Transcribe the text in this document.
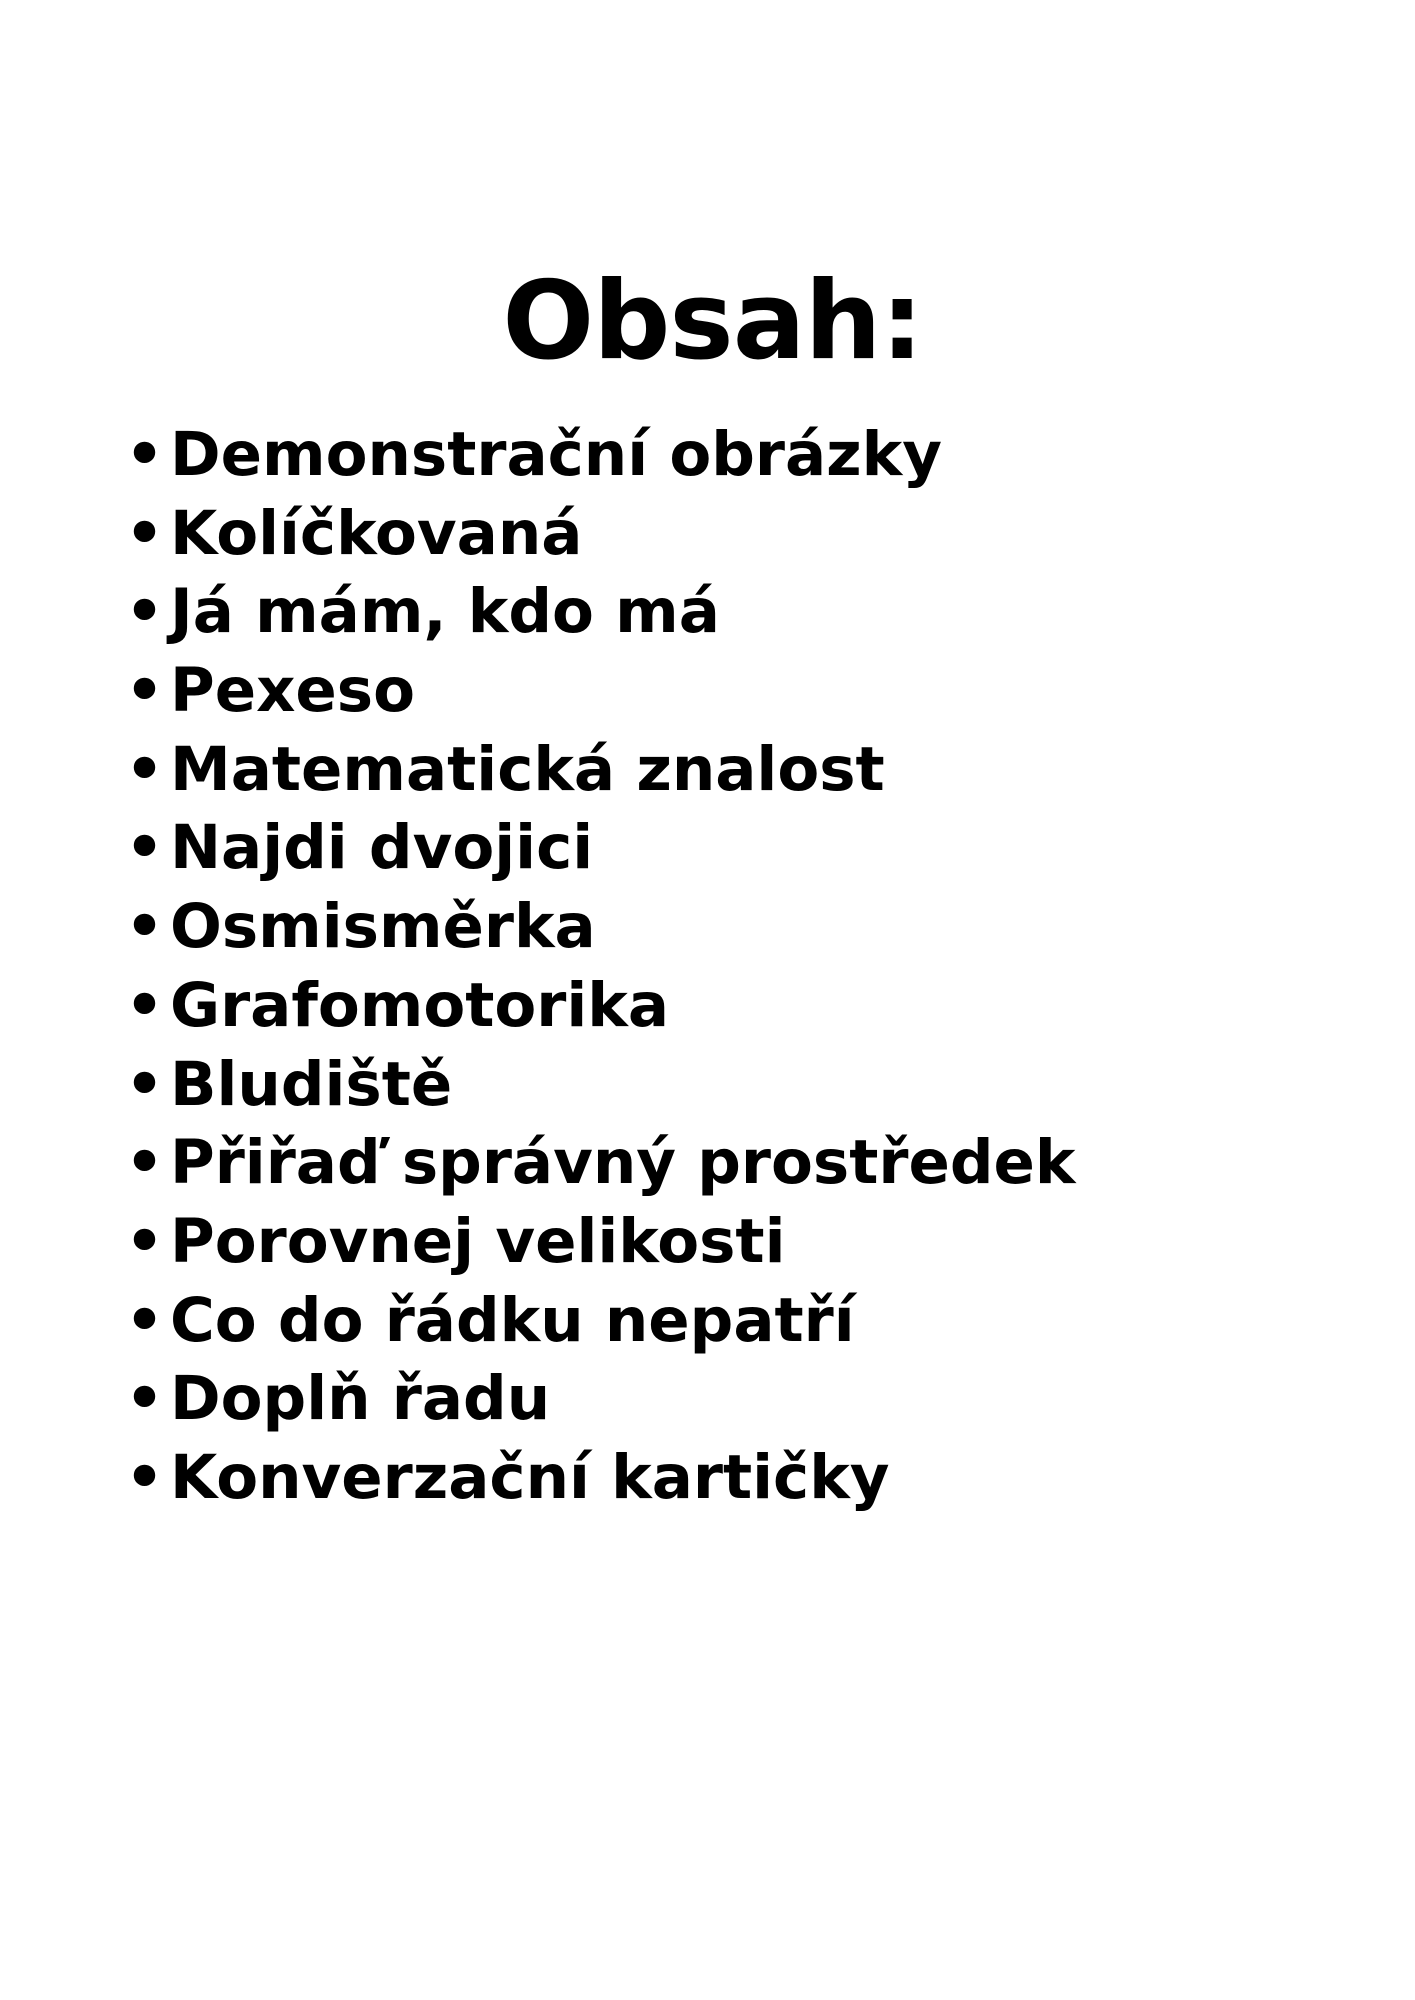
Obsah:
• Demonstrační obrázky
• Kolíčkovaná
• Já mám, kdo má
• Pexeso
• Matematická znalost
• Najdi dvojici
• Osmisměrka
• Grafomotorika
• Bludiště
• Přiřaď správný prostředek
• Porovnej velikosti
• Co do řádku nepatří
• Doplň řadu
• Konverzační kartičky
